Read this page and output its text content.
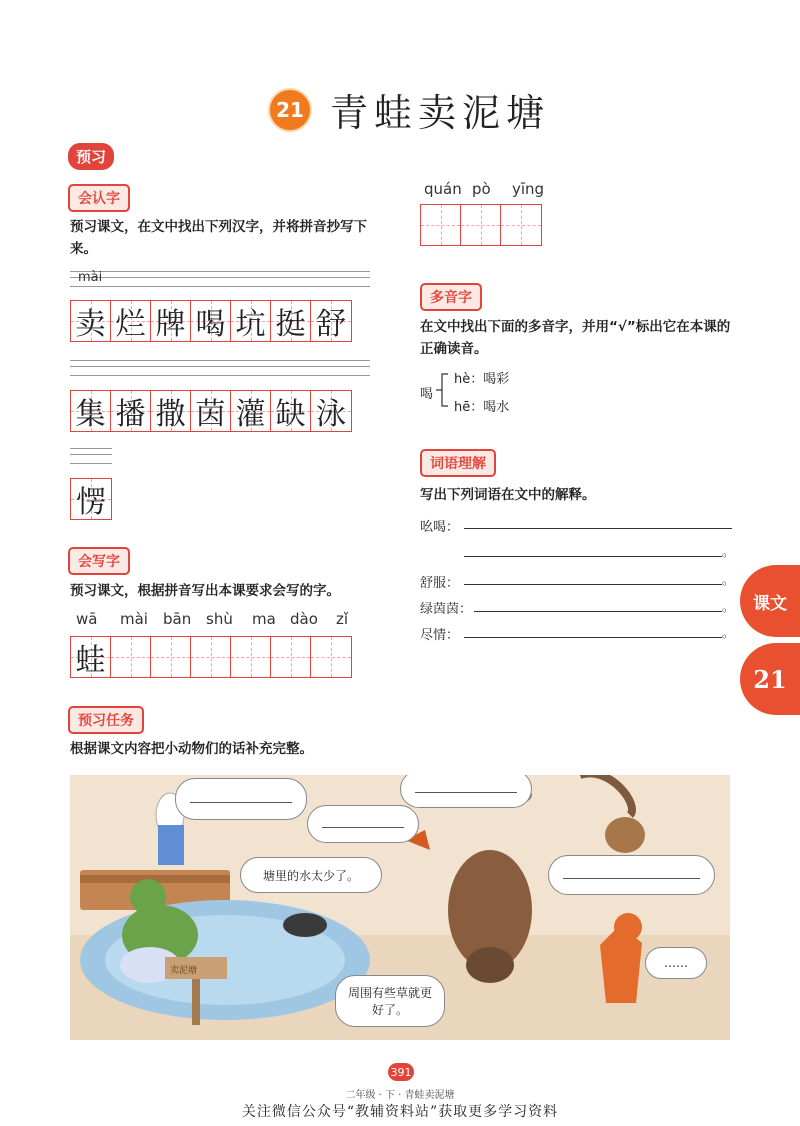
21 青蛙卖泥塘
预习
会认字
预习课文，在文中找出下列汉字，并将拼音抄写下来。
mài
卖 烂 牌 喝 坑 挺 舒
集 播 撒 茵 灌 缺 泳
愣
会写字
预习课文，根据拼音写出本课要求会写的字。
wā mài bān shù ma dào zǐ
蛙
quán pò yīng
多音字
在文中找出下面的多音字，并用“√”标出它在本课的正确读音。
喝
hè：喝彩
hē：喝水
词语理解
写出下列词语在文中的解释。
吆喝：
。
舒服：	。
绿茵茵：	。
尽情：	。
课文
21
预习任务
根据课文内容把小动物们的话补充完整。
塘里的水太少了。
周围有些草就更好了。
……
卖泥塘
391
二年级 · 下 · 青蛙卖泥塘
关注微信公众号“教辅资料站”获取更多学习资料
